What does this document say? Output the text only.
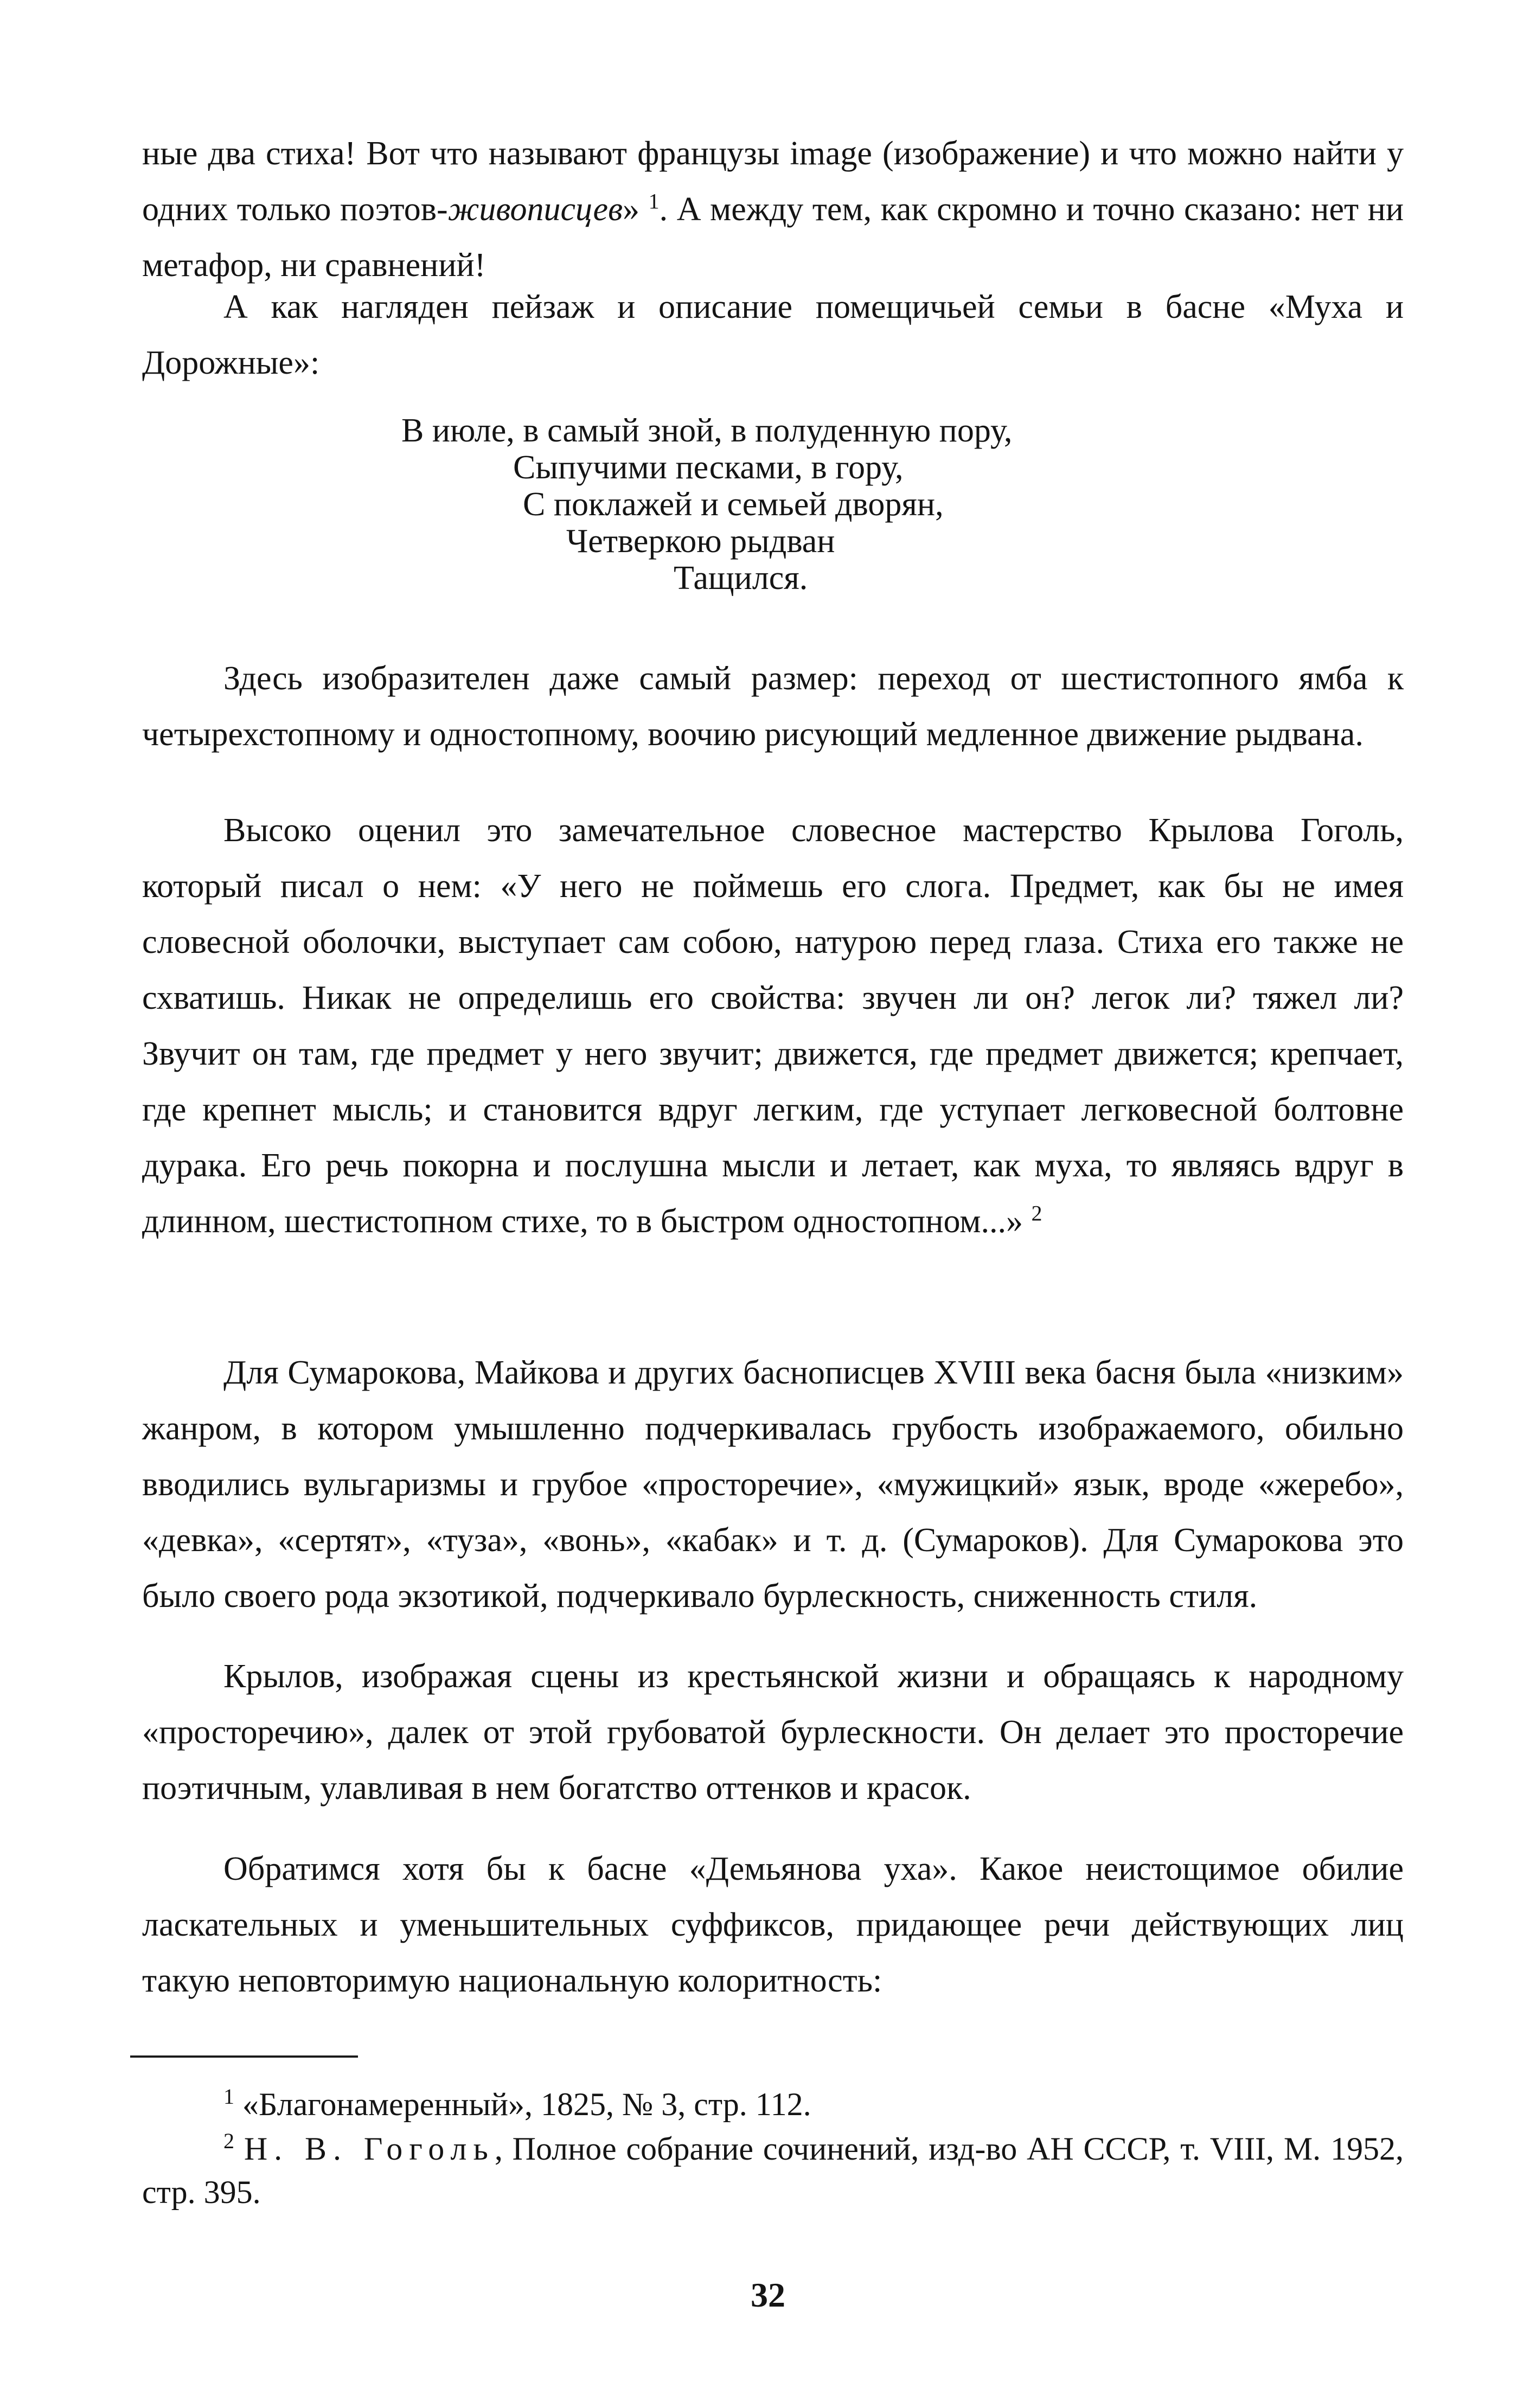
ные два стиха! Вот что называют французы image (изображение) и что можно найти у одних только поэтов-живописцев» $^1$. А между тем, как скромно и точно сказано: нет ни метафор, ни сравнений!

А как нагляден пейзаж и описание помещичьей семьи в басне «Муха и Дорожные»:

В июле, в самый зной, в полуденную пору,
Сыпучими песками, в гору,
С поклажей и семьей дворян,
Четверкою рыдван
Тащился.

Здесь изобразителен даже самый размер: переход от шестистопного ямба к четырехстопному и одностопному, воочию рисующий медленное движение рыдвана.

Высоко оценил это замечательное словесное мастерство Крылова Гоголь, который писал о нем: «У него не поймешь его слога. Предмет, как бы не имея словесной оболочки, выступает сам собою, натурою перед глаза. Стиха его также не схватишь. Никак не определишь его свойства: звучен ли он? легок ли? тяжел ли? Звучит он там, где предмет у него звучит; движется, где предмет движется; крепчает, где крепнет мысль; и становится вдруг легким, где уступает легковесной болтовне дурака. Его речь покорна и послушна мысли и летает, как муха, то являясь вдруг в длинном, шестистопном стихе, то в быстром одностопном...» $^2$

Для Сумарокова, Майкова и других баснописцев XVIII века басня была «низким» жанром, в котором умышленно подчеркивалась грубость изображаемого, обильно вводились вульгаризмы и грубое «просторечие», «мужицкий» язык, вроде «жеребо», «девка», «сертят», «туза», «вонь», «кабак» и т. д. (Сумароков). Для Сумарокова это было своего рода экзотикой, подчеркивало бурлескность, сниженность стиля.

Крылов, изображая сцены из крестьянской жизни и обращаясь к народному «просторечию», далек от этой грубоватой бурлескности. Он делает это просторечие поэтичным, улавливая в нем богатство оттенков и красок.

Обратимся хотя бы к басне «Демьянова уха». Какое неистощимое обилие ласкательных и уменьшительных суффиксов, придающее речи действующих лиц такую неповторимую национальную колоритность:

$^1$ «Благонамеренный», 1825, № 3, стр. 112.

$^2$ Н. В. Гоголь, Полное собрание сочинений, изд-во АН СССР, т. VIII, М. 1952, стр. 395.

32
